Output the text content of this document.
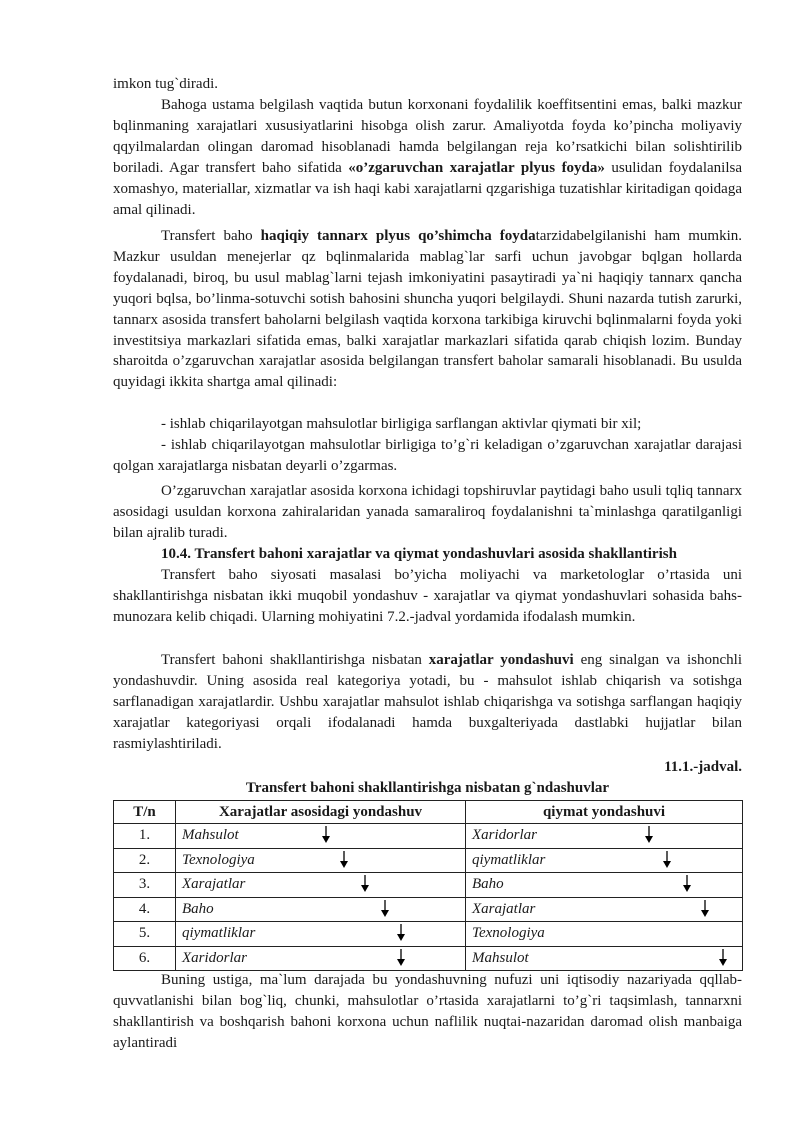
imkon tug`diradi.
Bahoga ustama belgilash vaqtida butun korxonani foydalilik koeffitsentini emas, balki mazkur bqlinmaning xarajatlari xususiyatlarini hisobga olish zarur. Amaliyotda foyda ko’pincha moliyaviy qqyilmalardan olingan daromad hisoblanadi hamda belgilangan reja ko’rsatkichi bilan solishtirilib boriladi. Agar transfert baho sifatida «o’zgaruvchan xarajatlar plyus foyda» usulidan foydalanilsa xomashyo, materiallar, xizmatlar va ish haqi kabi xarajatlarni qzgarishiga tuzatishlar kiritadigan qoidaga amal qilinadi.
Transfert baho haqiqiy tannarx plyus qo’shimcha foydatarzidabelgilanishi ham mumkin. Mazkur usuldan menejerlar qz bqlinmalarida mablag`lar sarfi uchun javobgar bqlgan hollarda foydalanadi, biroq, bu usul mablag`larni tejash imkoniyatini pasaytiradi ya`ni haqiqiy tannarx qancha yuqori bqlsa, bo’linma-sotuvchi sotish bahosini shuncha yuqori belgilaydi. Shuni nazarda tutish zarurki, tannarx asosida transfert baholarni belgilash vaqtida korxona tarkibiga kiruvchi bqlinmalarni foyda yoki investitsiya markazlari sifatida emas, balki xarajatlar markazlari sifatida qarab chiqish lozim. Bunday sharoitda o’zgaruvchan xarajatlar asosida belgilangan transfert baholar samarali hisoblanadi. Bu usulda quyidagi ikkita shartga amal qilinadi:
- ishlab chiqarilayotgan mahsulotlar birligiga sarflangan aktivlar qiymati bir xil;
- ishlab chiqarilayotgan mahsulotlar birligiga to’g`ri keladigan o’zgaruvchan xarajatlar darajasi qolgan xarajatlarga nisbatan deyarli o’zgarmas.
O’zgaruvchan xarajatlar asosida korxona ichidagi topshiruvlar paytidagi baho usuli tqliq tannarx asosidagi usuldan korxona zahiralaridan yanada samaraliroq foydalanishni ta`minlashga qaratilganligi bilan ajralib turadi.
10.4. Transfert bahoni xarajatlar va qiymat yondashuvlari asosida shakllantirish
Transfert baho siyosati masalasi bo’yicha moliyachi va marketologlar o’rtasida uni shakllantirishga nisbatan ikki muqobil yondashuv - xarajatlar va qiymat yondashuvlari sohasida bahs-munozara kelib chiqadi. Ularning mohiyatini 7.2.-jadval yordamida ifodalash mumkin.
Transfert bahoni shakllantirishga nisbatan xarajatlar yondashuvi eng sinalgan va ishonchli yondashuvdir. Uning asosida real kategoriya yotadi, bu - mahsulot ishlab chiqarish va sotishga sarflanadigan xarajatlardir. Ushbu xarajatlar mahsulot ishlab chiqarishga va sotishga sarflangan haqiqiy xarajatlar kategoriyasi orqali ifodalanadi hamda buxgalteriyada dastlabki hujjatlar bilan rasmiylashtiriladi.
11.1.-jadval.
Transfert bahoni shakllantirishga nisbatan g`ndashuvlar
T/n	Xarajatlar asosidagi yondashuv	qiymat yondashuvi
1.	Mahsulot	Xaridorlar

2.	Texnologiya	qiymatliklar

3.	Xarajatlar	Baho

4.	Baho	Xarajatlar

5.	qiymatliklar	Texnologiya
6.	Xaridorlar	Mahsulot
Buning ustiga, ma`lum darajada bu yondashuvning nufuzi uni iqtisodiy nazariyada qqllab-quvvatlanishi bilan bog`liq, chunki, mahsulotlar o’rtasida xarajatlarni to’g`ri taqsimlash, tannarxni shakllantirish va boshqarish bahoni korxona uchun naflilik nuqtai-nazaridan daromad olish manbaiga aylantiradi
